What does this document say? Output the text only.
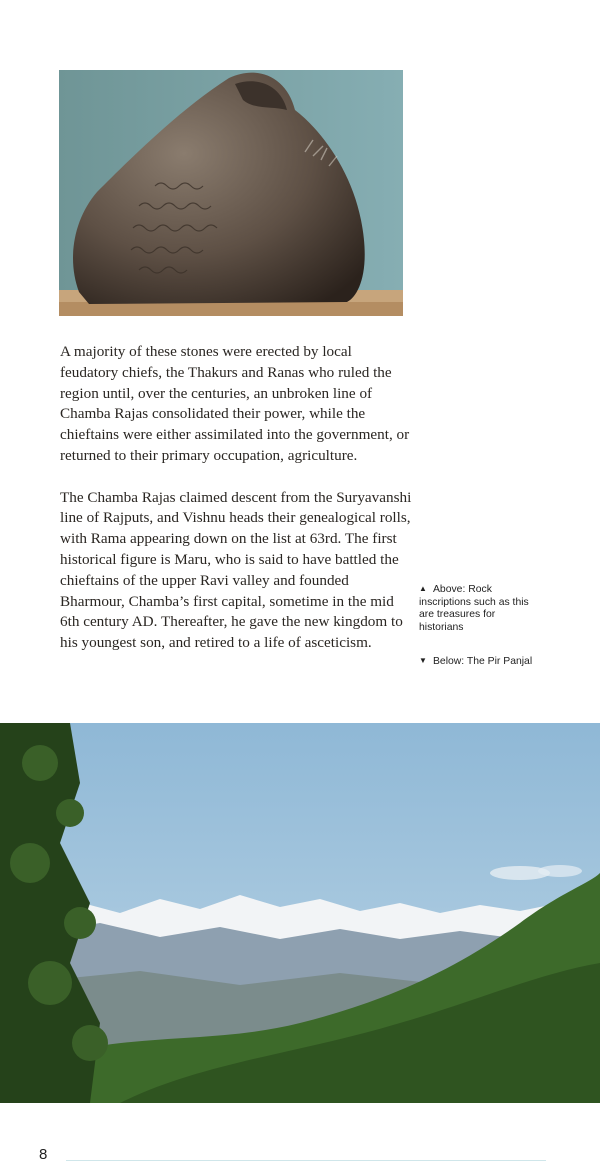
A majority of these stones were erected by local feudatory chiefs, the Thakurs and Ranas who ruled the region until, over the centuries, an unbroken line of Chamba Rajas consolidated their power, while the chieftains were either assimilated into the government, or returned to their primary occupation, agriculture.

The Chamba Rajas claimed descent from the Suryavanshi line of Rajputs, and Vishnu heads their genealogical rolls, with Rama appearing down on the list at 63rd. The first historical figure is Maru, who is said to have battled the chieftains of the upper Ravi valley and founded Bharmour, Chamba’s first capital, sometime in the mid 6th century AD. Thereafter, he gave the new kingdom to his youngest son, and retired to a life of asceticism.

▲ Above: Rock inscriptions such as this are treasures for historians
▼ Below: The Pir Panjal
8
